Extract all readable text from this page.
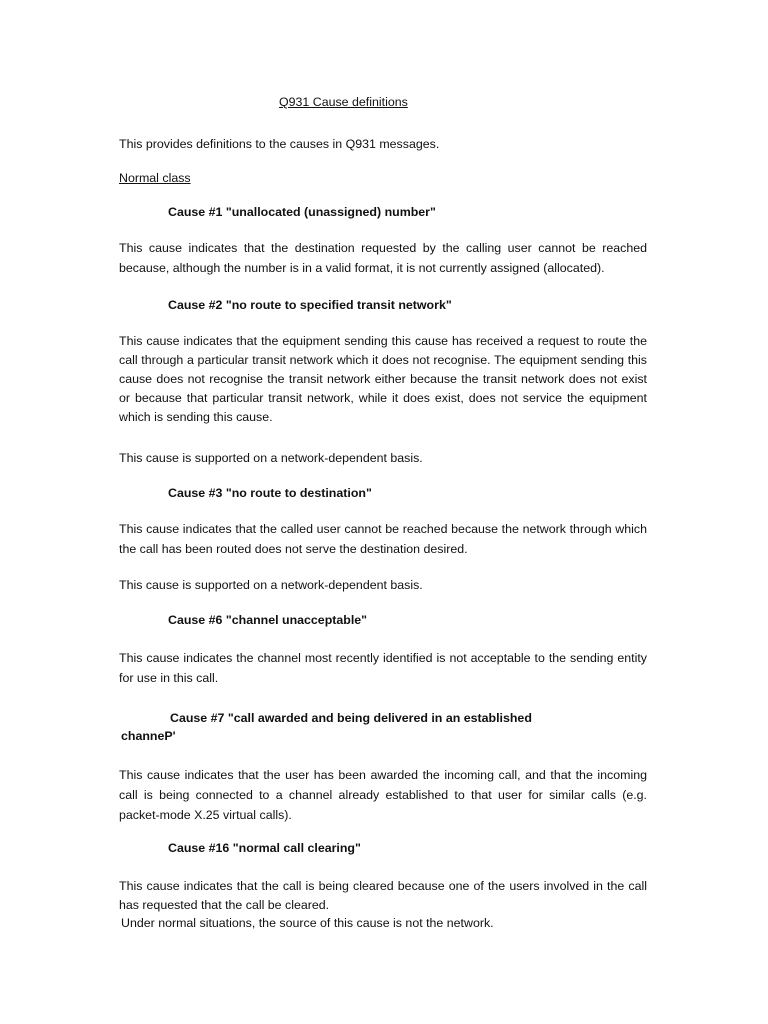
Q931 Cause definitions

This provides definitions to the causes in Q931 messages.

Normal class

Cause #1 "unallocated (unassigned) number"

This cause indicates that the destination requested by the calling user cannot be reached because, although the number is in a valid format, it is not currently assigned (allocated).

Cause #2 "no route to specified transit network"

This cause indicates that the equipment sending this cause has received a request to route the call through a particular transit network which it does not recognise. The equipment sending this cause does not recognise the transit network either because the transit network does not exist or because that particular transit network, while it does exist, does not service the equipment which is sending this cause.

This cause is supported on a network-dependent basis.

Cause #3 "no route to destination"

This cause indicates that the called user cannot be reached because the network through which the call has been routed does not serve the destination desired.

This cause is supported on a network-dependent basis.

Cause #6 "channel unacceptable"

This cause indicates the channel most recently identified is not acceptable to the sending entity for use in this call.

Cause #7 "call awarded and being delivered in an established

channeP'

This cause indicates that the user has been awarded the incoming call, and that the incoming call is being connected to a channel already established to that user for similar calls (e.g. packet-mode X.25 virtual calls).

Cause #16 "normal call clearing"

This cause indicates that the call is being cleared because one of the users involved in the call has requested that the call be cleared.

Under normal situations, the source of this cause is not the network.
